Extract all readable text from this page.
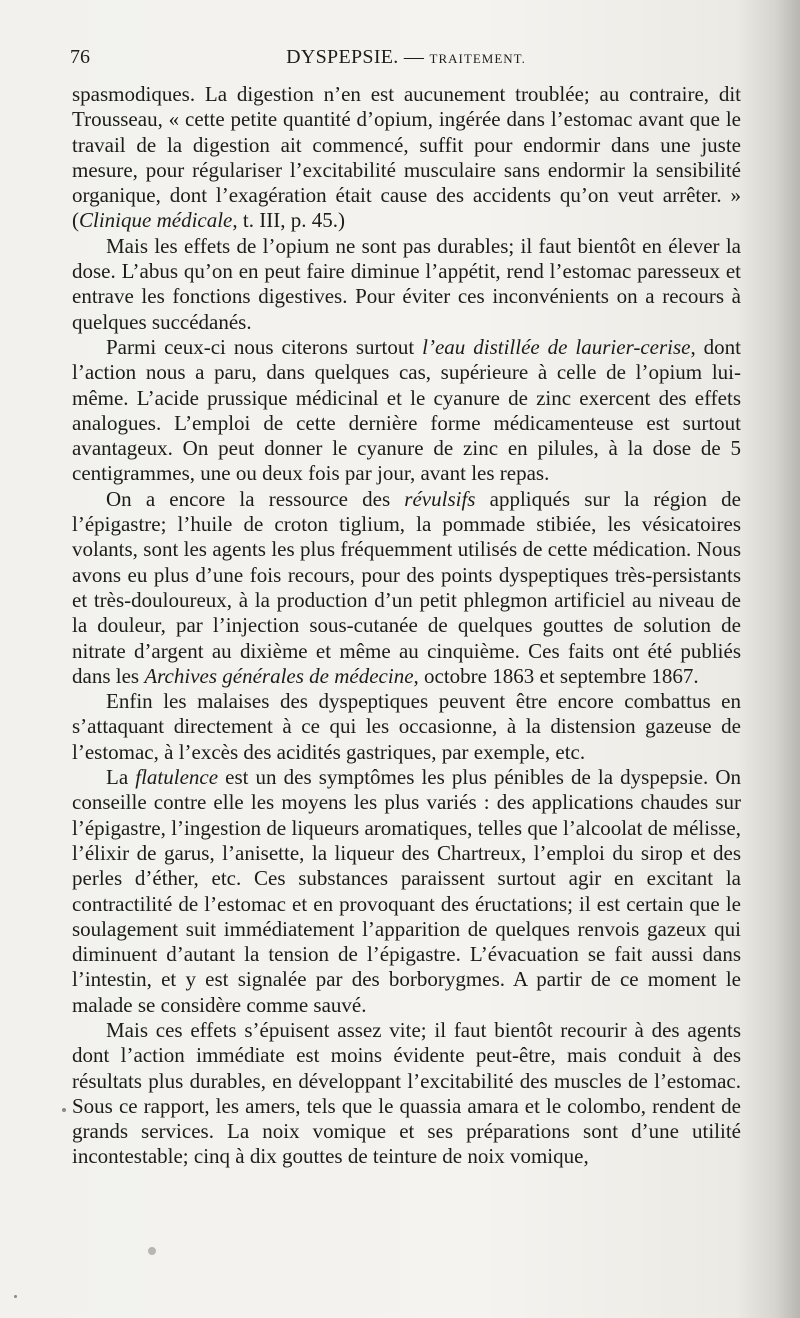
76	DYSPEPSIE. — TRAITEMENT.

spasmodiques. La digestion n’en est aucunement troublée; au contraire, dit Trousseau, « cette petite quantité d’opium, ingérée dans l’estomac avant que le travail de la digestion ait commencé, suffit pour endormir dans une juste mesure, pour régulariser l’excitabilité musculaire sans endormir la sensibilité organique, dont l’exagération était cause des accidents qu’on veut arrêter. » (Clinique médicale, t. III, p. 45.)

Mais les effets de l’opium ne sont pas durables; il faut bientôt en élever la dose. L’abus qu’on en peut faire diminue l’appétit, rend l’estomac paresseux et entrave les fonctions digestives. Pour éviter ces inconvénients on a recours à quelques succédanés.

Parmi ceux-ci nous citerons surtout l’eau distillée de laurier-cerise, dont l’action nous a paru, dans quelques cas, supérieure à celle de l’opium lui-même. L’acide prussique médicinal et le cyanure de zinc exercent des effets analogues. L’emploi de cette dernière forme médicamenteuse est surtout avantageux. On peut donner le cyanure de zinc en pilules, à la dose de 5 centigrammes, une ou deux fois par jour, avant les repas.

On a encore la ressource des révulsifs appliqués sur la région de l’épigastre; l’huile de croton tiglium, la pommade stibiée, les vésicatoires volants, sont les agents les plus fréquemment utilisés de cette médication. Nous avons eu plus d’une fois recours, pour des points dyspeptiques très-persistants et très-douloureux, à la production d’un petit phlegmon artificiel au niveau de la douleur, par l’injection sous-cutanée de quelques gouttes de solution de nitrate d’argent au dixième et même au cinquième. Ces faits ont été publiés dans les Archives générales de médecine, octobre 1863 et septembre 1867.

Enfin les malaises des dyspeptiques peuvent être encore combattus en s’attaquant directement à ce qui les occasionne, à la distension gazeuse de l’estomac, à l’excès des acidités gastriques, par exemple, etc.

La flatulence est un des symptômes les plus pénibles de la dyspepsie. On conseille contre elle les moyens les plus variés : des applications chaudes sur l’épigastre, l’ingestion de liqueurs aromatiques, telles que l’alcoolat de mélisse, l’élixir de garus, l’anisette, la liqueur des Chartreux, l’emploi du sirop et des perles d’éther, etc. Ces substances paraissent surtout agir en excitant la contractilité de l’estomac et en provoquant des éructations; il est certain que le soulagement suit immédiatement l’apparition de quelques renvois gazeux qui diminuent d’autant la tension de l’épigastre. L’évacuation se fait aussi dans l’intestin, et y est signalée par des borborygmes. A partir de ce moment le malade se considère comme sauvé.

Mais ces effets s’épuisent assez vite; il faut bientôt recourir à des agents dont l’action immédiate est moins évidente peut-être, mais conduit à des résultats plus durables, en développant l’excitabilité des muscles de l’estomac. Sous ce rapport, les amers, tels que le quassia amara et le colombo, rendent de grands services. La noix vomique et ses préparations sont d’une utilité incontestable; cinq à dix gouttes de teinture de noix vomique,
